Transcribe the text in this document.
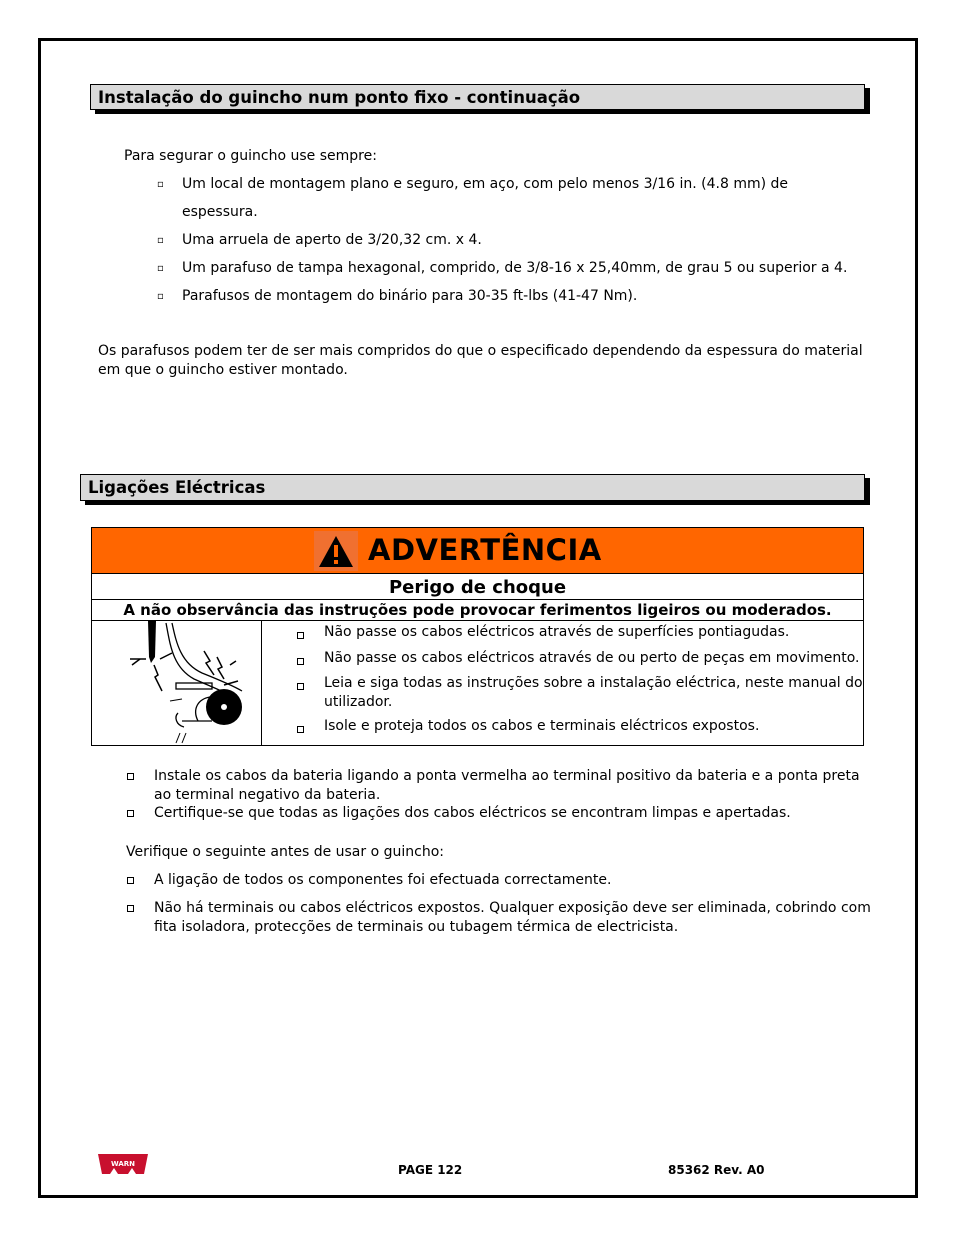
Instalação do guincho num ponto fixo - continuação
Para segurar o guincho use sempre:
▫ Um local de montagem plano e seguro, em aço, com pelo menos 3/16 in. (4.8 mm) de
espessura.
▫ Uma arruela de aperto de 3/20,32 cm. x 4.
▫ Um parafuso de tampa hexagonal, comprido, de 3/8-16 x 25,40mm, de grau 5 ou superior a 4.
▫ Parafusos de montagem do binário para 30-35 ft-lbs (41-47 Nm).
Os parafusos podem ter de ser mais compridos do que o especificado dependendo da espessura do material
em que o guincho estiver montado.
Ligações Eléctricas
ADVERTÊNCIA
Perigo de choque
A não observância das instruções pode provocar ferimentos ligeiros ou moderados.
Não passe os cabos eléctricos através de superfícies pontiagudas.
Não passe os cabos eléctricos através de ou perto de peças em movimento.
Leia e siga todas as instruções sobre a instalação eléctrica, neste manual do
utilizador.
Isole e proteja todos os cabos e terminais eléctricos expostos.
Instale os cabos da bateria ligando a ponta vermelha ao terminal positivo da bateria e a ponta preta
ao terminal negativo da bateria.
Certifique-se que todas as ligações dos cabos eléctricos se encontram limpas e apertadas.
Verifique o seguinte antes de usar o guincho:
A ligação de todos os componentes foi efectuada correctamente.
Não há terminais ou cabos eléctricos expostos. Qualquer exposição deve ser eliminada, cobrindo com
fita isoladora, protecções de terminais ou tubagem térmica de electricista.
WARN	PAGE 122	85362 Rev. A0
